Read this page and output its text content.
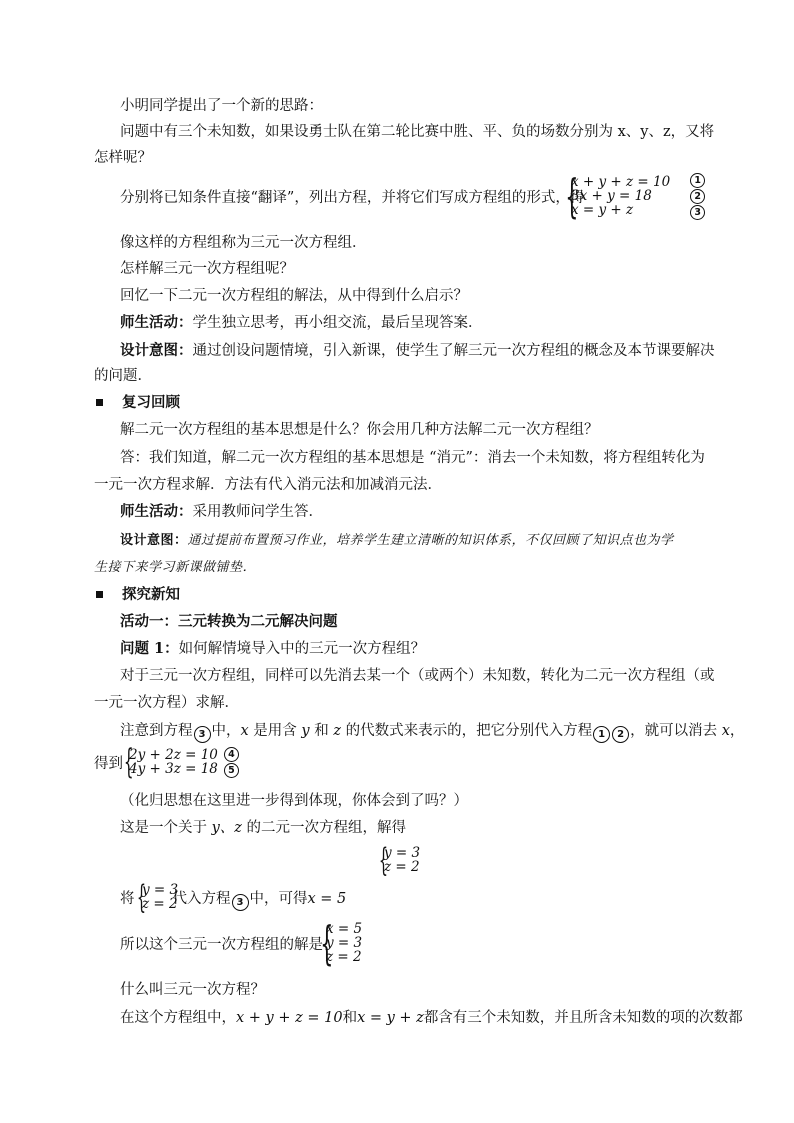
小明同学提出了一个新的思路：
问题中有三个未知数，如果设勇士队在第二轮比赛中胜、平、负的场数分别为 x、y、z，又将
怎样呢？
分别将已知条件直接“翻译”，列出方程，并将它们写成方程组的形式，得
{
x + y + z = 10
3x + y = 18
x = y + z
1
2
3
像这样的方程组称为三元一次方程组．
怎样解三元一次方程组呢？
回忆一下二元一次方程组的解法，从中得到什么启示？
师生活动：学生独立思考，再小组交流，最后呈现答案．
设计意图：通过创设问题情境，引入新课，使学生了解三元一次方程组的概念及本节课要解决
的问题．
复习回顾
解二元一次方程组的基本思想是什么？你会用几种方法解二元一次方程组？
答：我们知道，解二元一次方程组的基本思想是 “消元”：消去一个未知数，将方程组转化为
一元一次方程求解．方法有代入消元法和加减消元法．
师生活动：采用教师问学生答．
设计意图：通过提前布置预习作业，培养学生建立清晰的知识体系，不仅回顾了知识点也为学
生接下来学习新课做铺垫．
探究新知
活动一：三元转换为二元解决问题
问题 1：如何解情境导入中的三元一次方程组？
对于三元一次方程组，同样可以先消去某一个（或两个）未知数，转化为二元一次方程组（或
一元一次方程）求解．
注意到方程 3 中，x 是用含 y 和 z 的代数式来表示的，把它分别代入方程 1 2 ，就可以消去 x，
得到 {
2y + 2z = 10
4y + 3z = 18
4
5
（化归思想在这里进一步得到体现，你体会到了吗？）
这是一个关于 y、z 的二元一次方程组，解得
{
y = 3
z = 2
将	代入方程 3 中，可得x = 5
{
y = 3
z = 2
所以这个三元一次方程组的解是
{
x = 5
y = 3
z = 2
什么叫三元一次方程？
在这个方程组中，x + y + z = 10和x = y + z都含有三个未知数，并且所含未知数的项的次数都
